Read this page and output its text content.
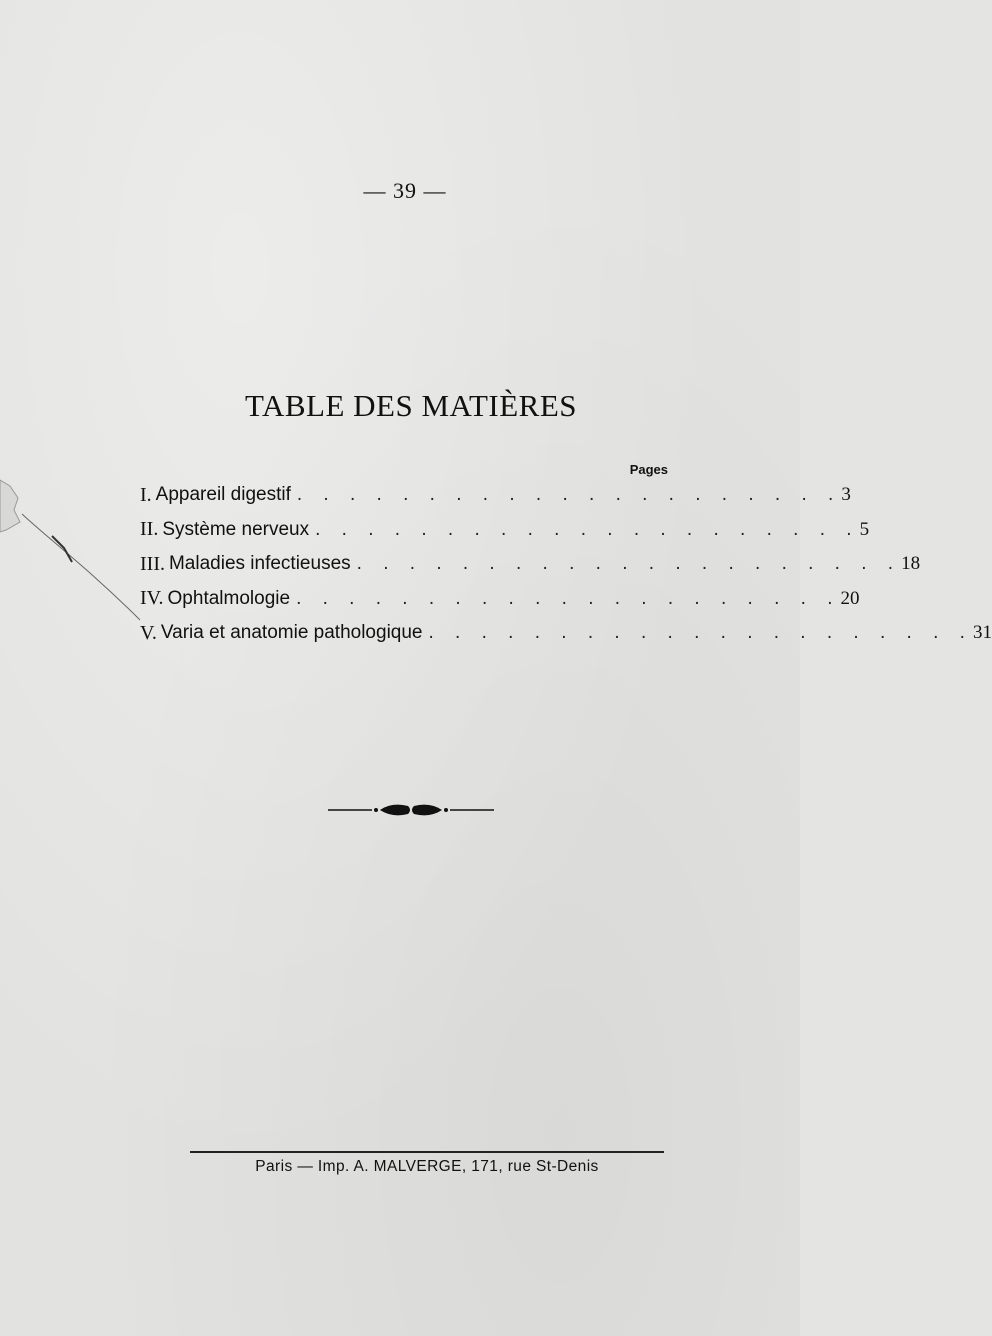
— 39 —
TABLE DES MATIÈRES
Pages
I. Appareil digestif . . . . . . . . . . . . . . . . . . . . . 3
II. Système nerveux . . . . . . . . . . . . . . . . . . . . . 5
III. Maladies infectieuses . . . . . . . . . . . . . . . . . . . . . 18
IV. Ophtalmologie . . . . . . . . . . . . . . . . . . . . . 20
V. Varia et anatomie pathologique . . . . . . . . . . . . . . . . . . . . . 31
Paris — Imp. A. MALVERGE, 171, rue St-Denis
